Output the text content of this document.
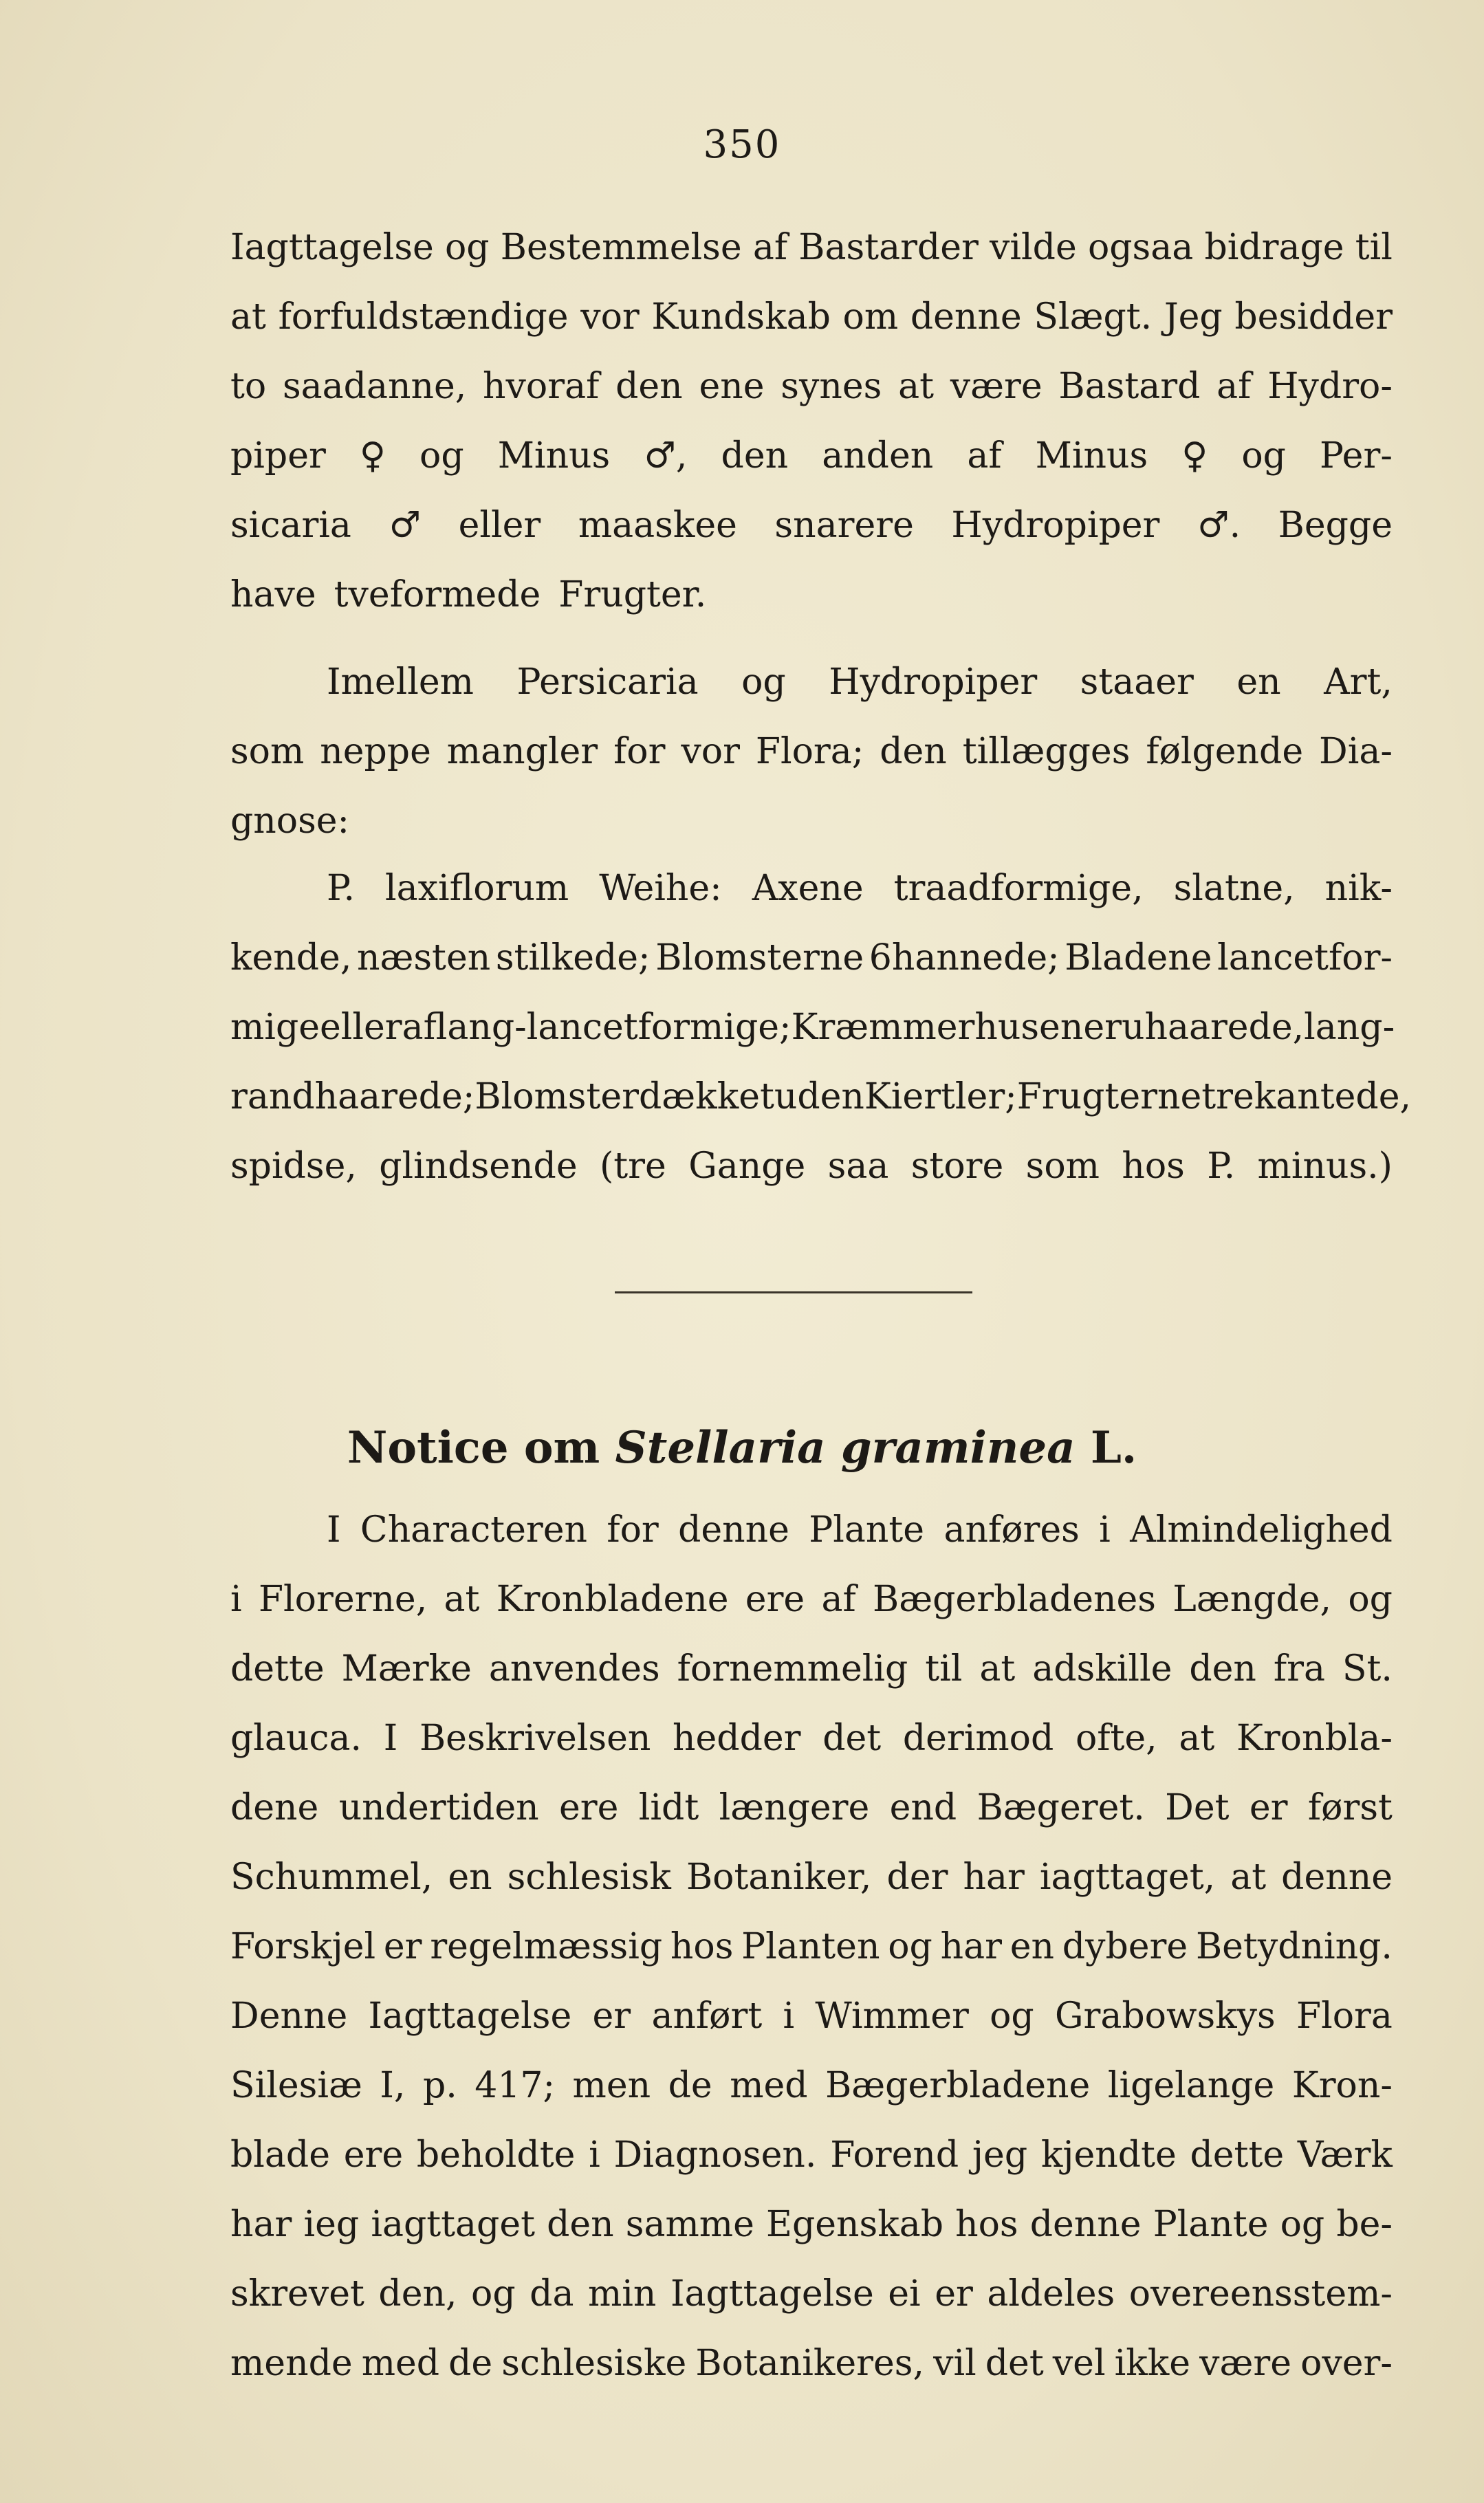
350
Iagttagelse og Bestemmelse af Bastarder vilde ogsaa bidrage til
at forfuldstændige vor Kundskab om denne Slægt. Jeg besidder
to saadanne, hvoraf den ene synes at være Bastard af Hydro-
piper ♀ og Minus ♂, den anden af Minus ♀ og Per-
sicaria ♂ eller maaskee snarere Hydropiper ♂. Begge
have tveformede Frugter.
Imellem Persicaria og Hydropiper staaer en Art,
som neppe mangler for vor Flora; den tillægges følgende Dia-
gnose:
P. laxiflorum Weihe: Axene traadformige, slatne, nik-
kende, næsten stilkede; Blomsterne 6hannede; Bladene lancetfor-
mige eller aflang-lancetformige; Kræmmerhusene ruhaarede, lang-
randhaarede; Blomsterdækket uden Kiertler; Frugterne trekantede,
spidse, glindsende (tre Gange saa store som hos P. minus.)
Notice om Stellaria graminea L.
I Characteren for denne Plante anføres i Almindelighed
i Florerne, at Kronbladene ere af Bægerbladenes Længde, og
dette Mærke anvendes fornemmelig til at adskille den fra St.
glauca. I Beskrivelsen hedder det derimod ofte, at Kronbla-
dene undertiden ere lidt længere end Bægeret. Det er først
Schummel, en schlesisk Botaniker, der har iagttaget, at denne
Forskjel er regelmæssig hos Planten og har en dybere Betydning.
Denne Iagttagelse er anført i Wimmer og Grabowskys Flora
Silesiæ I, p. 417; men de med Bægerbladene ligelange Kron-
blade ere beholdte i Diagnosen. Forend jeg kjendte dette Værk
har ieg iagttaget den samme Egenskab hos denne Plante og be-
skrevet den, og da min Iagttagelse ei er aldeles overeensstem-
mende med de schlesiske Botanikeres, vil det vel ikke være over-
